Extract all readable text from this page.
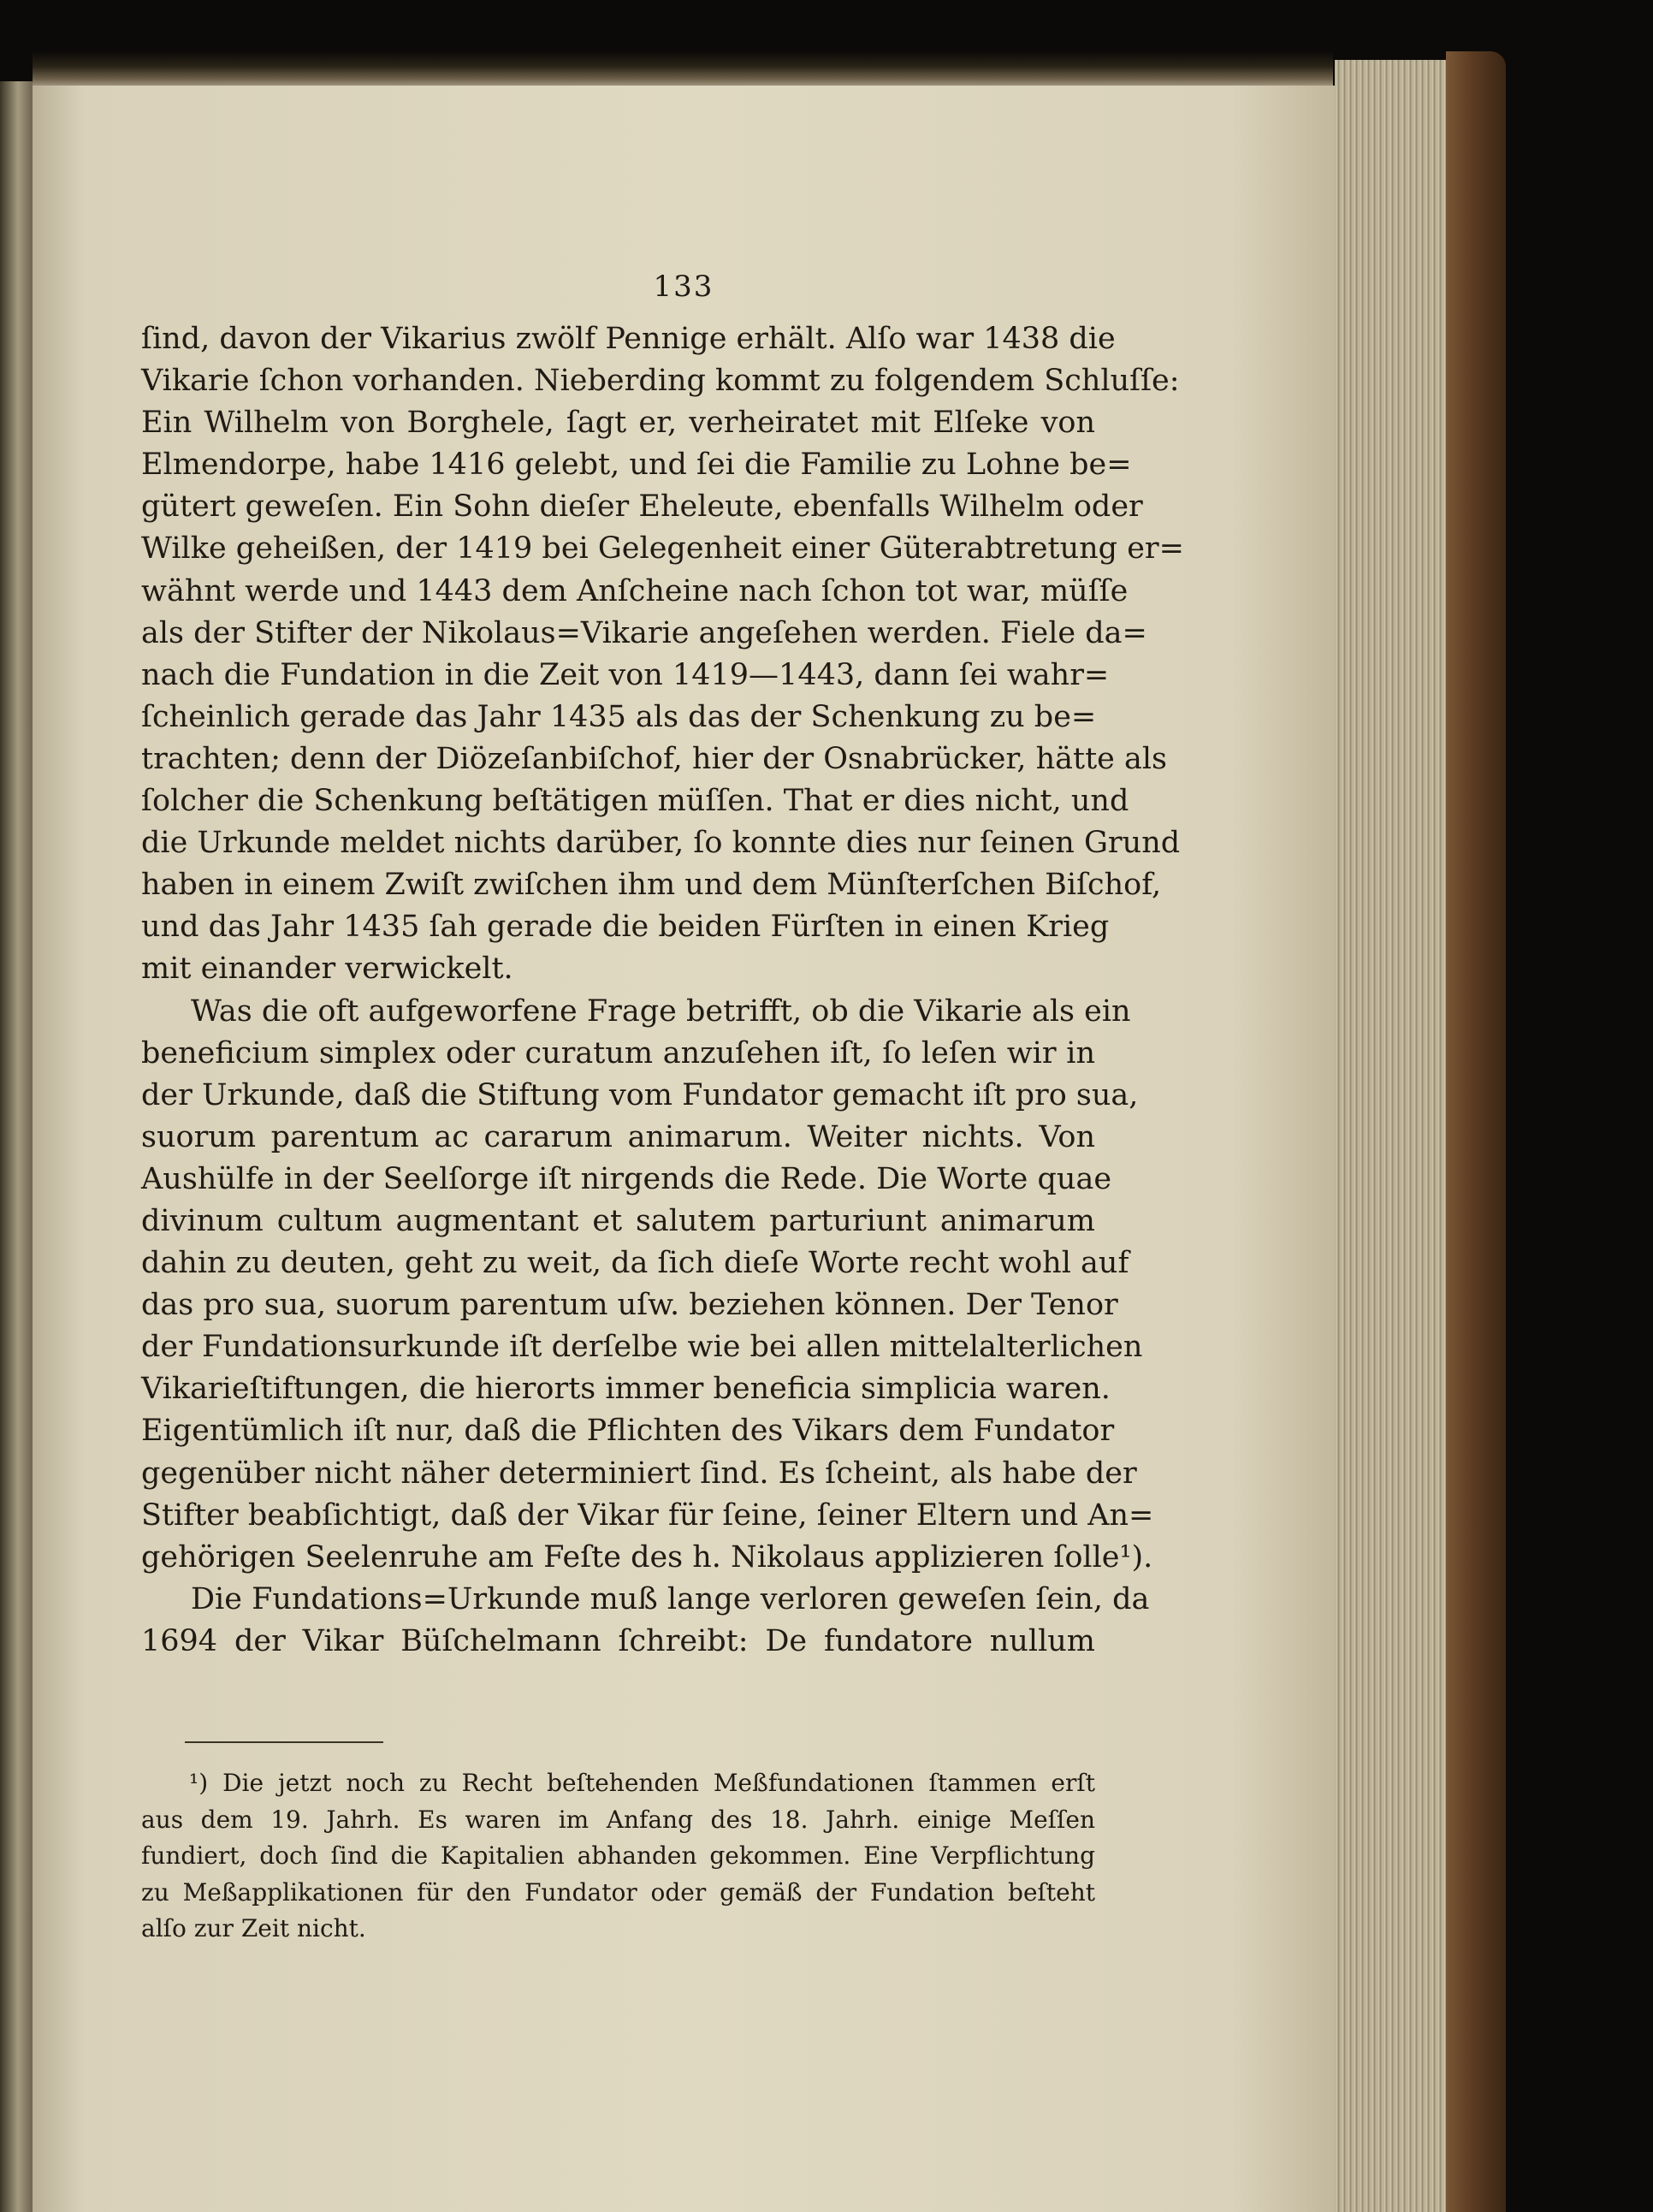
133
ſind, davon der Vikarius zwölf Pennige erhält. Alſo war 1438 die
Vikarie ſchon vorhanden. Nieberding kommt zu folgendem Schluſſe:
Ein Wilhelm von Borghele, ſagt er, verheiratet mit Elſeke von
Elmendorpe, habe 1416 gelebt, und ſei die Familie zu Lohne be=
gütert geweſen. Ein Sohn dieſer Eheleute, ebenfalls Wilhelm oder
Wilke geheißen, der 1419 bei Gelegenheit einer Güterabtretung er=
wähnt werde und 1443 dem Anſcheine nach ſchon tot war, müſſe
als der Stifter der Nikolaus=Vikarie angeſehen werden. Fiele da=
nach die Fundation in die Zeit von 1419—1443, dann ſei wahr=
ſcheinlich gerade das Jahr 1435 als das der Schenkung zu be=
trachten; denn der Diözeſanbiſchof, hier der Osnabrücker, hätte als
ſolcher die Schenkung beſtätigen müſſen. That er dies nicht, und
die Urkunde meldet nichts darüber, ſo konnte dies nur ſeinen Grund
haben in einem Zwiſt zwiſchen ihm und dem Münſterſchen Biſchof,
und das Jahr 1435 ſah gerade die beiden Fürſten in einen Krieg
mit einander verwickelt.
Was die oft aufgeworfene Frage betrifft, ob die Vikarie als ein
beneficium simplex oder curatum anzuſehen iſt, ſo leſen wir in
der Urkunde, daß die Stiftung vom Fundator gemacht iſt pro sua,
suorum parentum ac cararum animarum. Weiter nichts. Von
Aushülfe in der Seelſorge iſt nirgends die Rede. Die Worte quae
divinum cultum augmentant et salutem parturiunt animarum
dahin zu deuten, geht zu weit, da ſich dieſe Worte recht wohl auf
das pro sua, suorum parentum uſw. beziehen können. Der Tenor
der Fundationsurkunde iſt derſelbe wie bei allen mittelalterlichen
Vikarieſtiftungen, die hierorts immer beneficia simplicia waren.
Eigentümlich iſt nur, daß die Pflichten des Vikars dem Fundator
gegenüber nicht näher determiniert ſind. Es ſcheint, als habe der
Stifter beabſichtigt, daß der Vikar für ſeine, ſeiner Eltern und An=
gehörigen Seelenruhe am Feſte des h. Nikolaus applizieren ſolle¹).
Die Fundations=Urkunde muß lange verloren geweſen ſein, da
1694 der Vikar Büſchelmann ſchreibt: De fundatore nullum
¹) Die jetzt noch zu Recht beſtehenden Meßfundationen ſtammen erſt
aus dem 19. Jahrh. Es waren im Anfang des 18. Jahrh. einige Meſſen
fundiert, doch ſind die Kapitalien abhanden gekommen. Eine Verpflichtung
zu Meßapplikationen für den Fundator oder gemäß der Fundation beſteht
alſo zur Zeit nicht.
